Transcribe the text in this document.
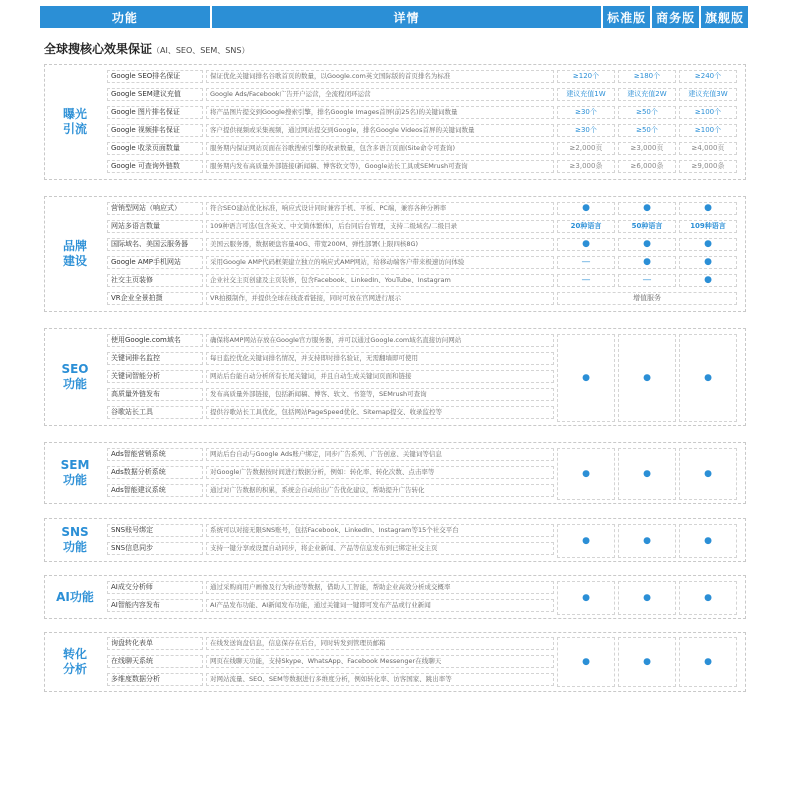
功能	详情	标准版 商务版 旗舰版
全球搜核心效果保证（AI、SEO、SEM、SNS）
曝光
引流
Google SEO排名保证	保证优化关键词排名谷歌首页的数量，以Google.com英文国际版的首页排名为标准	≥120个	≥180个	≥240个
Google SEM建议充值	Google Ads/Facebook广告开户运营，全流程闭环运营	建议充值1W	建议充值2W	建议充值3W
Google 图片排名保证	将产品图片提交到Google搜索引擎，排名Google Images首屏(前25名)的关键词数量	≥30个	≥50个	≥100个
Google 视频排名保证	客户提供视频或采集视频，通过网站提交到Google，排名Google Videos首屏的关键词数量	≥30个	≥50个	≥100个
Google 收录页面数量	服务期内保证网站页面在谷歌搜索引擎的收录数量，包含多语言页面(Site命令可查询)	≥2,000页	≥3,000页	≥4,000页
Google 可查询外链数	服务期内发布高质量外部链接(新闻稿、博客软文等)，Google站长工具或SEMrush可查询	≥3,000条	≥6,000条	≥9,000条
品牌
建设
营销型网站（响应式）	符合SEO建站优化标准，响应式设计同时兼容手机、平板、PC端，兼容各种分辨率	●	●	●
网站多语言数量	109种语言可选(包含英文、中文简体繁体)，后台同后台管理，支持二级域名/二级目录	20种语言	50种语言	109种语言
国际域名、美国云服务器	美国云服务器，数据硬盘容量40G、带宽200M、弹性部署(上限四核8G)	●	●	●
Google AMP手机网站	采用Google AMP代码框架建立独立的响应式AMP网站，给移动端客户带来极速访问体验	—	●	●
社交主页装修	企业社交主页创建及主页装修，包含Facebook、LinkedIn、YouTube、Instagram	—	—	●
VR企业全景拍摄	VR拍摄制作，并提供全球在线查看链接，同时可放在官网进行展示	增值服务
SEO
功能
使用Google.com域名	确保将AMP网站存放在Google官方服务器，并可以通过Google.com域名直接访问网站
关键词排名监控	每日监控优化关键词排名情况，并支持即时排名验证，无需翻墙即可使用
关键词智能分析	网站后台能自动分析所有长尾关键词，并且自动生成关键词页面和链接
高质量外链发布	发布高质量外部链接，包括新闻稿、博客、软文、书签等，SEMrush可查询
谷歌站长工具	提供谷歌站长工具优化，包括网站PageSpeed优化、Sitemap提交、收录监控等
●	●	●
SEM
功能
Ads智能营销系统	网站后台自动与Google Ads账户绑定，同步广告系列、广告创意、关键词等信息
Ads数据分析系统	对Google广告数据按时间进行数据分析，例如：转化率、转化次数、点击率等
Ads智能建议系统	通过对广告数据的积累，系统会自动给出广告优化建议，帮助提升广告转化
●	●	●
SNS
功能
SNS账号绑定	系统可以对接无限SNS账号，包括Facebook、LinkedIn、Instagram等15个社交平台
SNS信息同步	支持一键分享或设置自动同步，将企业新闻、产品等信息发布到已绑定社交主页
●	●	●
AI功能
AI成交分析师	通过采购商用户画像及行为轨迹等数据，借助人工智能，帮助企业高效分析成交概率
AI智能内容发布	AI产品发布功能、AI新闻发布功能，通过关键词一键即可发布产品或行业新闻
●	●	●
转化
分析
询盘转化表单	在线发送询盘信息，信息保存在后台，同时转发到管理员邮箱
在线聊天系统	网页在线聊天功能，支持Skype、WhatsApp、Facebook Messenger在线聊天
多维度数据分析	对网站流量、SEO、SEM等数据进行多维度分析，例如转化率、访客国家、跳出率等
●	●	●
